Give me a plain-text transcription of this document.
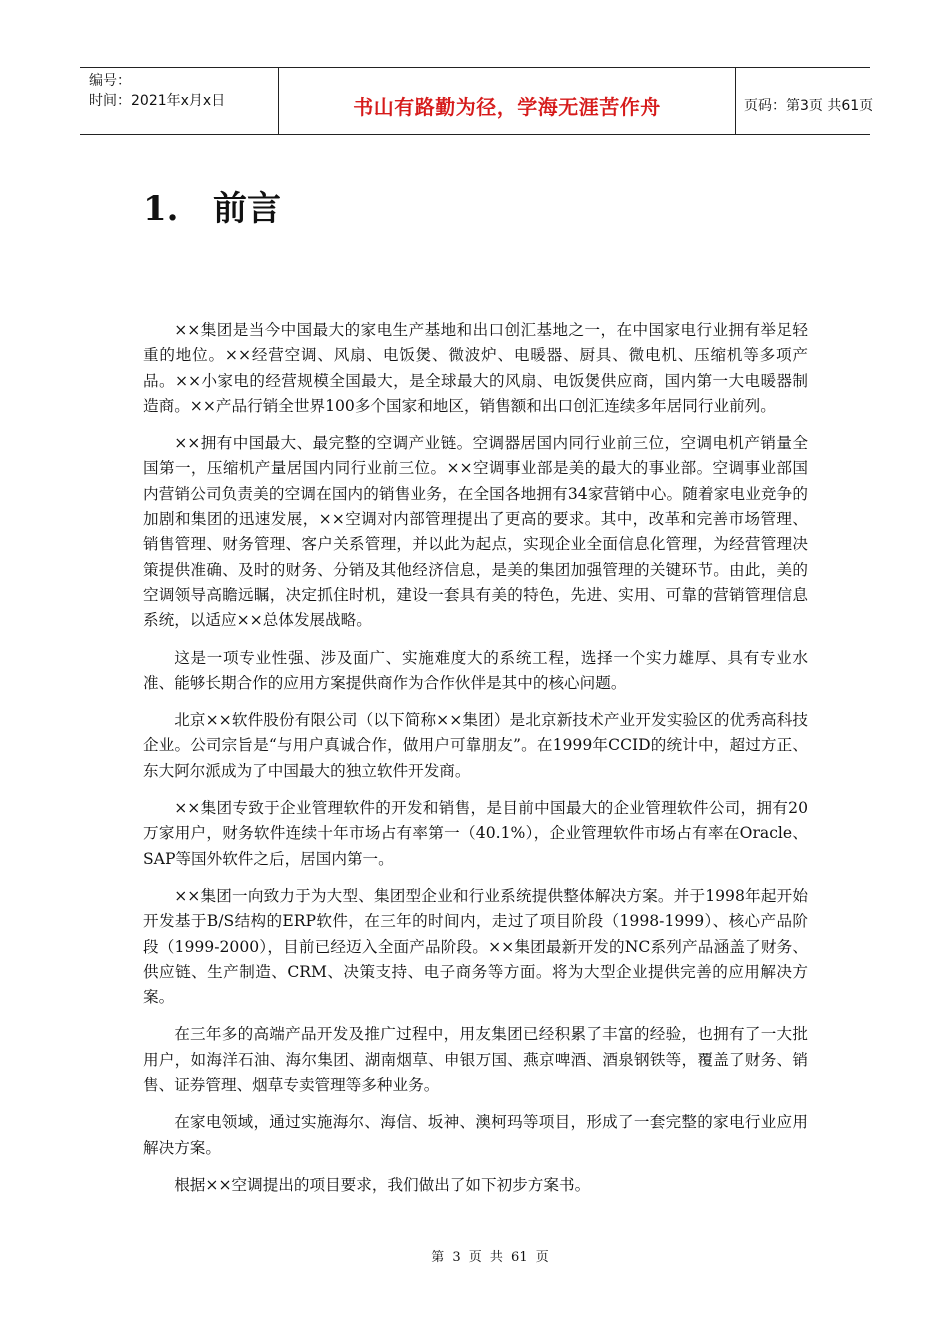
编号：
时间：2021年x月x日	书山有路勤为径，学海无涯苦作舟	页码：第3页 共61页
1. 前言

××集团是当今中国最大的家电生产基地和出口创汇基地之一，在中国家电行业拥有举足轻重的地位。××经营空调、风扇、电饭煲、微波炉、电暖器、厨具、微电机、压缩机等多项产品。××小家电的经营规模全国最大，是全球最大的风扇、电饭煲供应商，国内第一大电暖器制造商。××产品行销全世界100多个国家和地区，销售额和出口创汇连续多年居同行业前列。

××拥有中国最大、最完整的空调产业链。空调器居国内同行业前三位，空调电机产销量全国第一，压缩机产量居国内同行业前三位。××空调事业部是美的最大的事业部。空调事业部国内营销公司负责美的空调在国内的销售业务，在全国各地拥有34家营销中心。随着家电业竞争的加剧和集团的迅速发展，××空调对内部管理提出了更高的要求。其中，改革和完善市场管理、销售管理、财务管理、客户关系管理，并以此为起点，实现企业全面信息化管理，为经营管理决策提供准确、及时的财务、分销及其他经济信息，是美的集团加强管理的关键环节。由此，美的空调领导高瞻远瞩，决定抓住时机，建设一套具有美的特色，先进、实用、可靠的营销管理信息系统，以适应××总体发展战略。

这是一项专业性强、涉及面广、实施难度大的系统工程，选择一个实力雄厚、具有专业水准、能够长期合作的应用方案提供商作为合作伙伴是其中的核心问题。

北京××软件股份有限公司（以下简称××集团）是北京新技术产业开发实验区的优秀高科技企业。公司宗旨是“与用户真诚合作，做用户可靠朋友”。在1999年CCID的统计中，超过方正、东大阿尔派成为了中国最大的独立软件开发商。

××集团专致于企业管理软件的开发和销售，是目前中国最大的企业管理软件公司，拥有20万家用户，财务软件连续十年市场占有率第一（40.1%），企业管理软件市场占有率在Oracle、SAP等国外软件之后，居国内第一。

××集团一向致力于为大型、集团型企业和行业系统提供整体解决方案。并于1998年起开始开发基于B/S结构的ERP软件，在三年的时间内，走过了项目阶段（1998-1999）、核心产品阶段（1999-2000），目前已经迈入全面产品阶段。××集团最新开发的NC系列产品涵盖了财务、供应链、生产制造、CRM、决策支持、电子商务等方面。将为大型企业提供完善的应用解决方案。

在三年多的高端产品开发及推广过程中，用友集团已经积累了丰富的经验，也拥有了一大批用户，如海洋石油、海尔集团、湖南烟草、申银万国、燕京啤酒、酒泉钢铁等，覆盖了财务、销售、证券管理、烟草专卖管理等多种业务。

在家电领域，通过实施海尔、海信、坂神、澳柯玛等项目，形成了一套完整的家电行业应用解决方案。

根据××空调提出的项目要求，我们做出了如下初步方案书。

第 3 页 共 61 页
